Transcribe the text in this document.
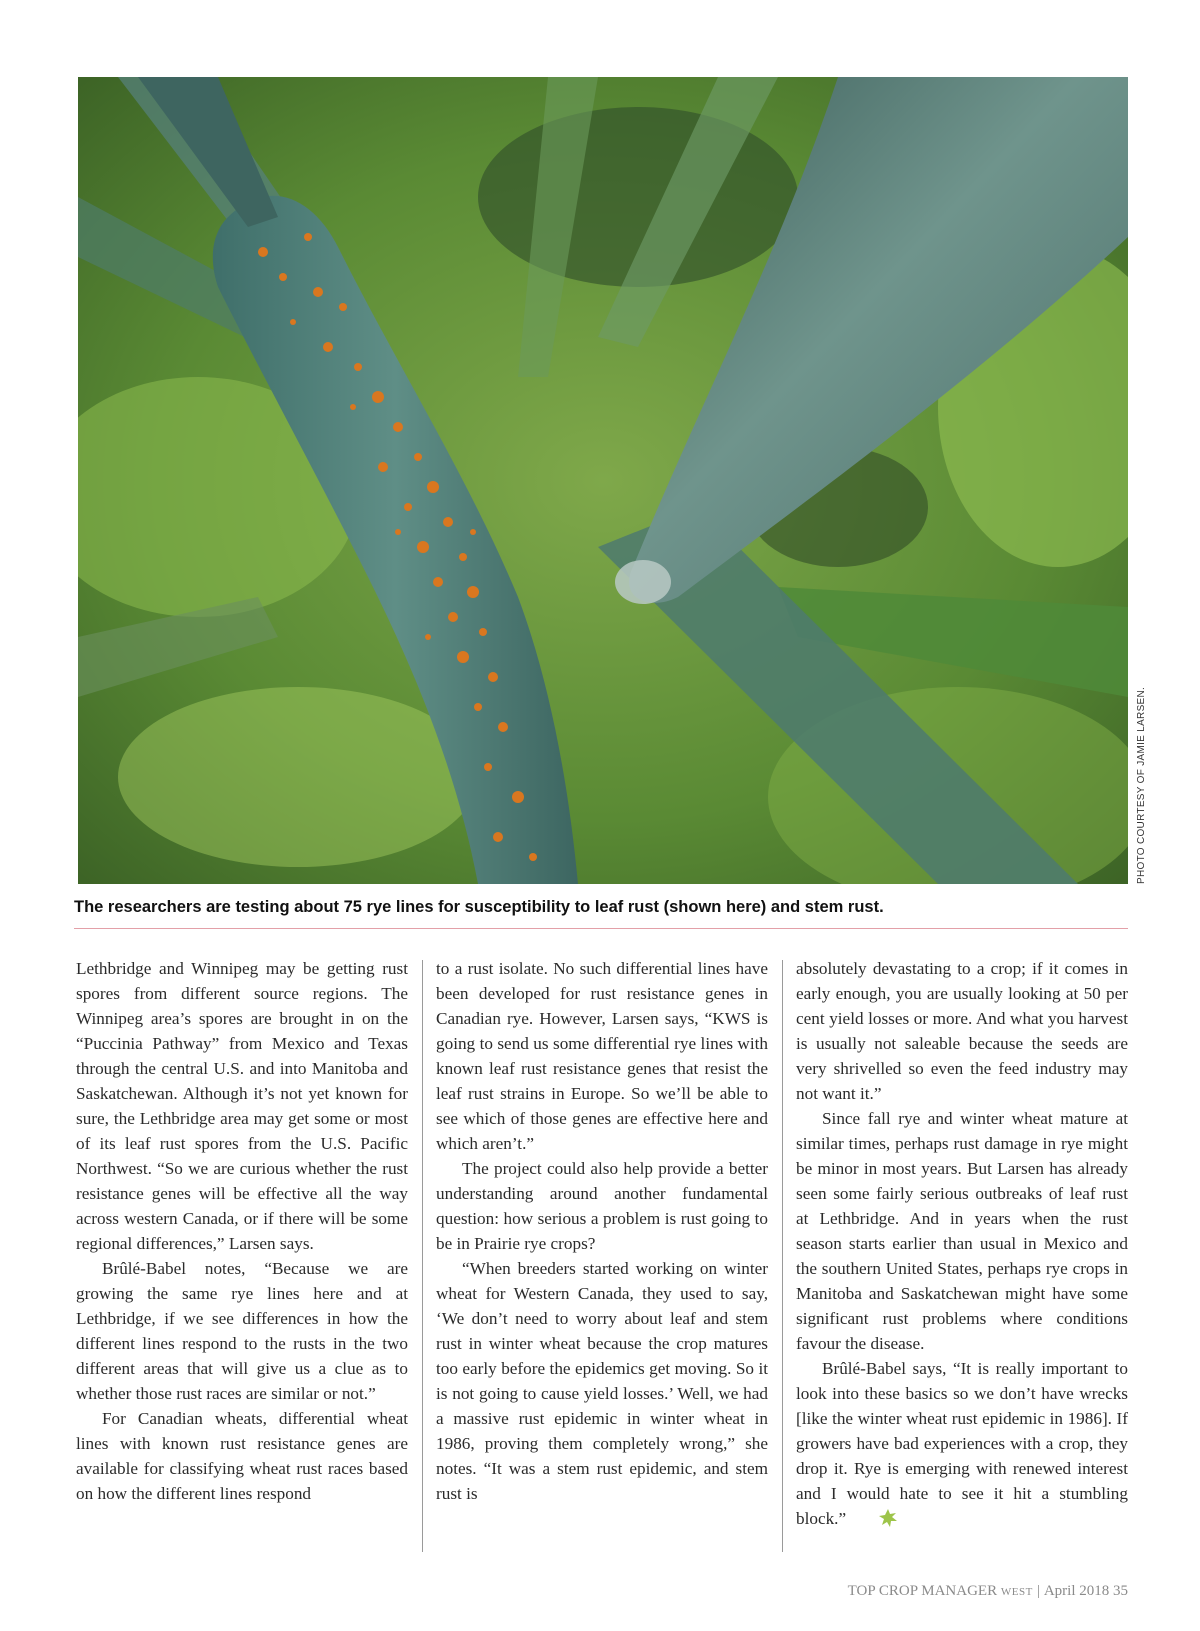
PHOTO COURTESY OF JAMIE LARSEN.
The researchers are testing about 75 rye lines for susceptibility to leaf rust (shown here) and stem rust.

Lethbridge and Winnipeg may be getting rust spores from different source regions. The Winnipeg area’s spores are brought in on the “Puccinia Pathway” from Mexico and Texas through the central U.S. and into Manitoba and Saskatchewan. Although it’s not yet known for sure, the Lethbridge area may get some or most of its leaf rust spores from the U.S. Pacific Northwest. “So we are curious whether the rust resistance genes will be effective all the way across western Canada, or if there will be some regional differences,” Larsen says.

Brûlé-Babel notes, “Because we are growing the same rye lines here and at Lethbridge, if we see differences in how the different lines respond to the rusts in the two different areas that will give us a clue as to whether those rust races are similar or not.”

For Canadian wheats, differential wheat lines with known rust resistance genes are available for classifying wheat rust races based on how the different lines respond

to a rust isolate. No such differential lines have been developed for rust resistance genes in Canadian rye. However, Larsen says, “KWS is going to send us some differential rye lines with known leaf rust resistance genes that resist the leaf rust strains in Europe. So we’ll be able to see which of those genes are effective here and which aren’t.”

The project could also help provide a better understanding around another fundamental question: how serious a problem is rust going to be in Prairie rye crops?

“When breeders started working on winter wheat for Western Canada, they used to say, ‘We don’t need to worry about leaf and stem rust in winter wheat because the crop matures too early before the epidemics get moving. So it is not going to cause yield losses.’ Well, we had a massive rust epidemic in winter wheat in 1986, proving them completely wrong,” she notes. “It was a stem rust epidemic, and stem rust is

absolutely devastating to a crop; if it comes in early enough, you are usually looking at 50 per cent yield losses or more. And what you harvest is usually not saleable because the seeds are very shrivelled so even the feed industry may not want it.”

Since fall rye and winter wheat mature at similar times, perhaps rust damage in rye might be minor in most years. But Larsen has already seen some fairly serious outbreaks of leaf rust at Lethbridge. And in years when the rust season starts earlier than usual in Mexico and the southern United States, perhaps rye crops in Manitoba and Saskatchewan might have some significant rust problems where conditions favour the disease.

Brûlé-Babel says, “It is really important to look into these basics so we don’t have wrecks [like the winter wheat rust epidemic in 1986]. If growers have bad experiences with a crop, they drop it. Rye is emerging with renewed interest and I would hate to see it hit a stumbling block.”

TOP CROP MANAGER WEST | April 2018 35
